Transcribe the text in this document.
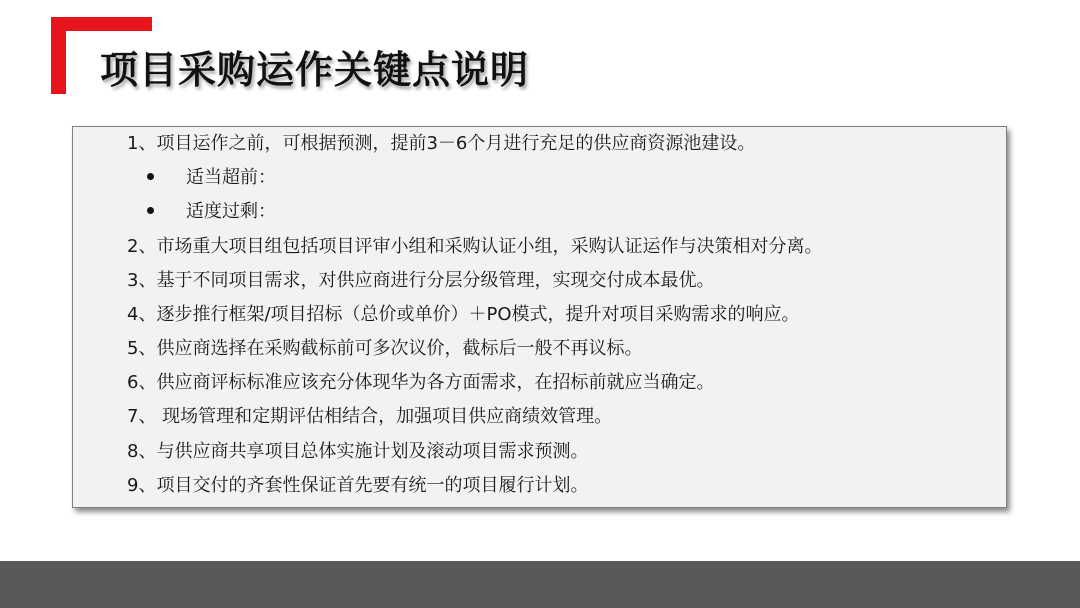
项目采购运作关键点说明
1、项目运作之前，可根据预测，提前3－6个月进行充足的供应商资源池建设。
适当超前：
适度过剩：
2、市场重大项目组包括项目评审小组和采购认证小组，采购认证运作与决策相对分离。
3、基于不同项目需求，对供应商进行分层分级管理，实现交付成本最优。
4、逐步推行框架/项目招标（总价或单价）＋PO模式，提升对项目采购需求的响应。
5、供应商选择在采购截标前可多次议价，截标后一般不再议标。
6、供应商评标标准应该充分体现华为各方面需求，在招标前就应当确定。
7、 现场管理和定期评估相结合，加强项目供应商绩效管理。
8、与供应商共享项目总体实施计划及滚动项目需求预测。
9、项目交付的齐套性保证首先要有统一的项目履行计划。
